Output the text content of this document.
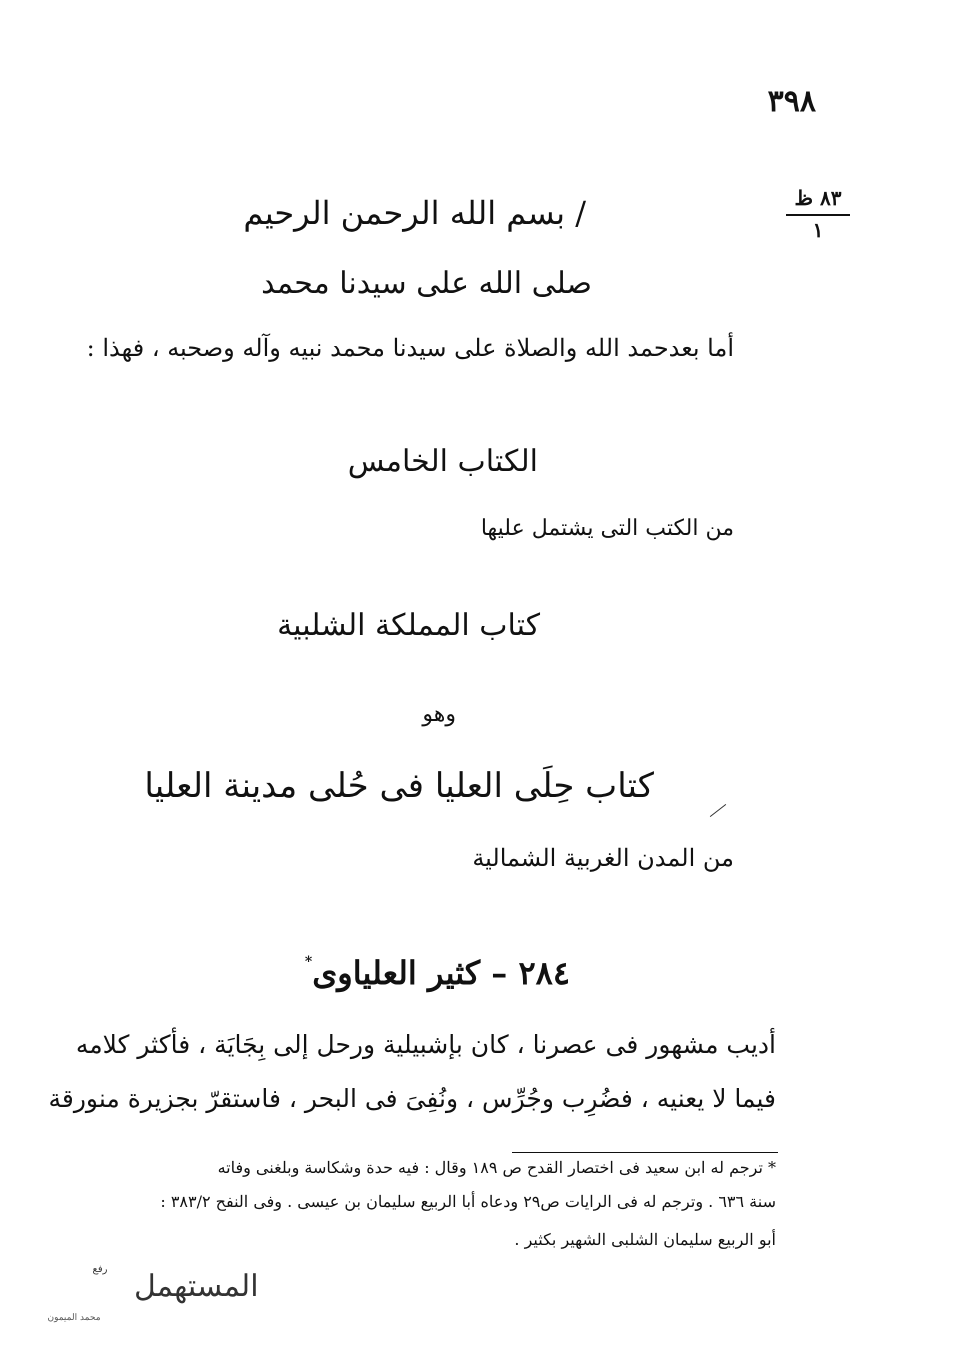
٣٩٨
٨٣ ظ
١
/ بسم الله الرحمن الرحيم
صلى الله على سيدنا محمد
أما بعدحمد الله والصلاة على سيدنا محمد نبيه وآله وصحبه ، فهذا :
الكتاب الخامس
من الكتب التى يشتمل عليها
كتاب المملكة الشلبية
وهو
كتاب حِلَى العليا فى حُلى مدينة العليا
من المدن الغربية الشمالية
٢٨٤ – كثير العلياوى*
أديب مشهور فى عصرنا ، كان بإشبيلية ورحل إلى بِجَايَة ، فأكثر كلامه
فيما لا يعنيه ، فضُرِب وجُرِّس ، ونُفِىَ فى البحر ، فاستقرّ بجزيرة منورقة
* ترجم له ابن سعيد فى اختصار القدح ص ١٨٩ وقال : فيه حدة وشكاسة وبلغنى وفاته
سنة ٦٣٦ . وترجم له فى الرايات ص٢٩ ودعاه أبا الربيع سليمان بن عيسى . وفى النفح ٣٨٣/٢ :
أبو الربيع سليمان الشلبى الشهير بكثير .
المستهمل
رفع
محمد الميمون
